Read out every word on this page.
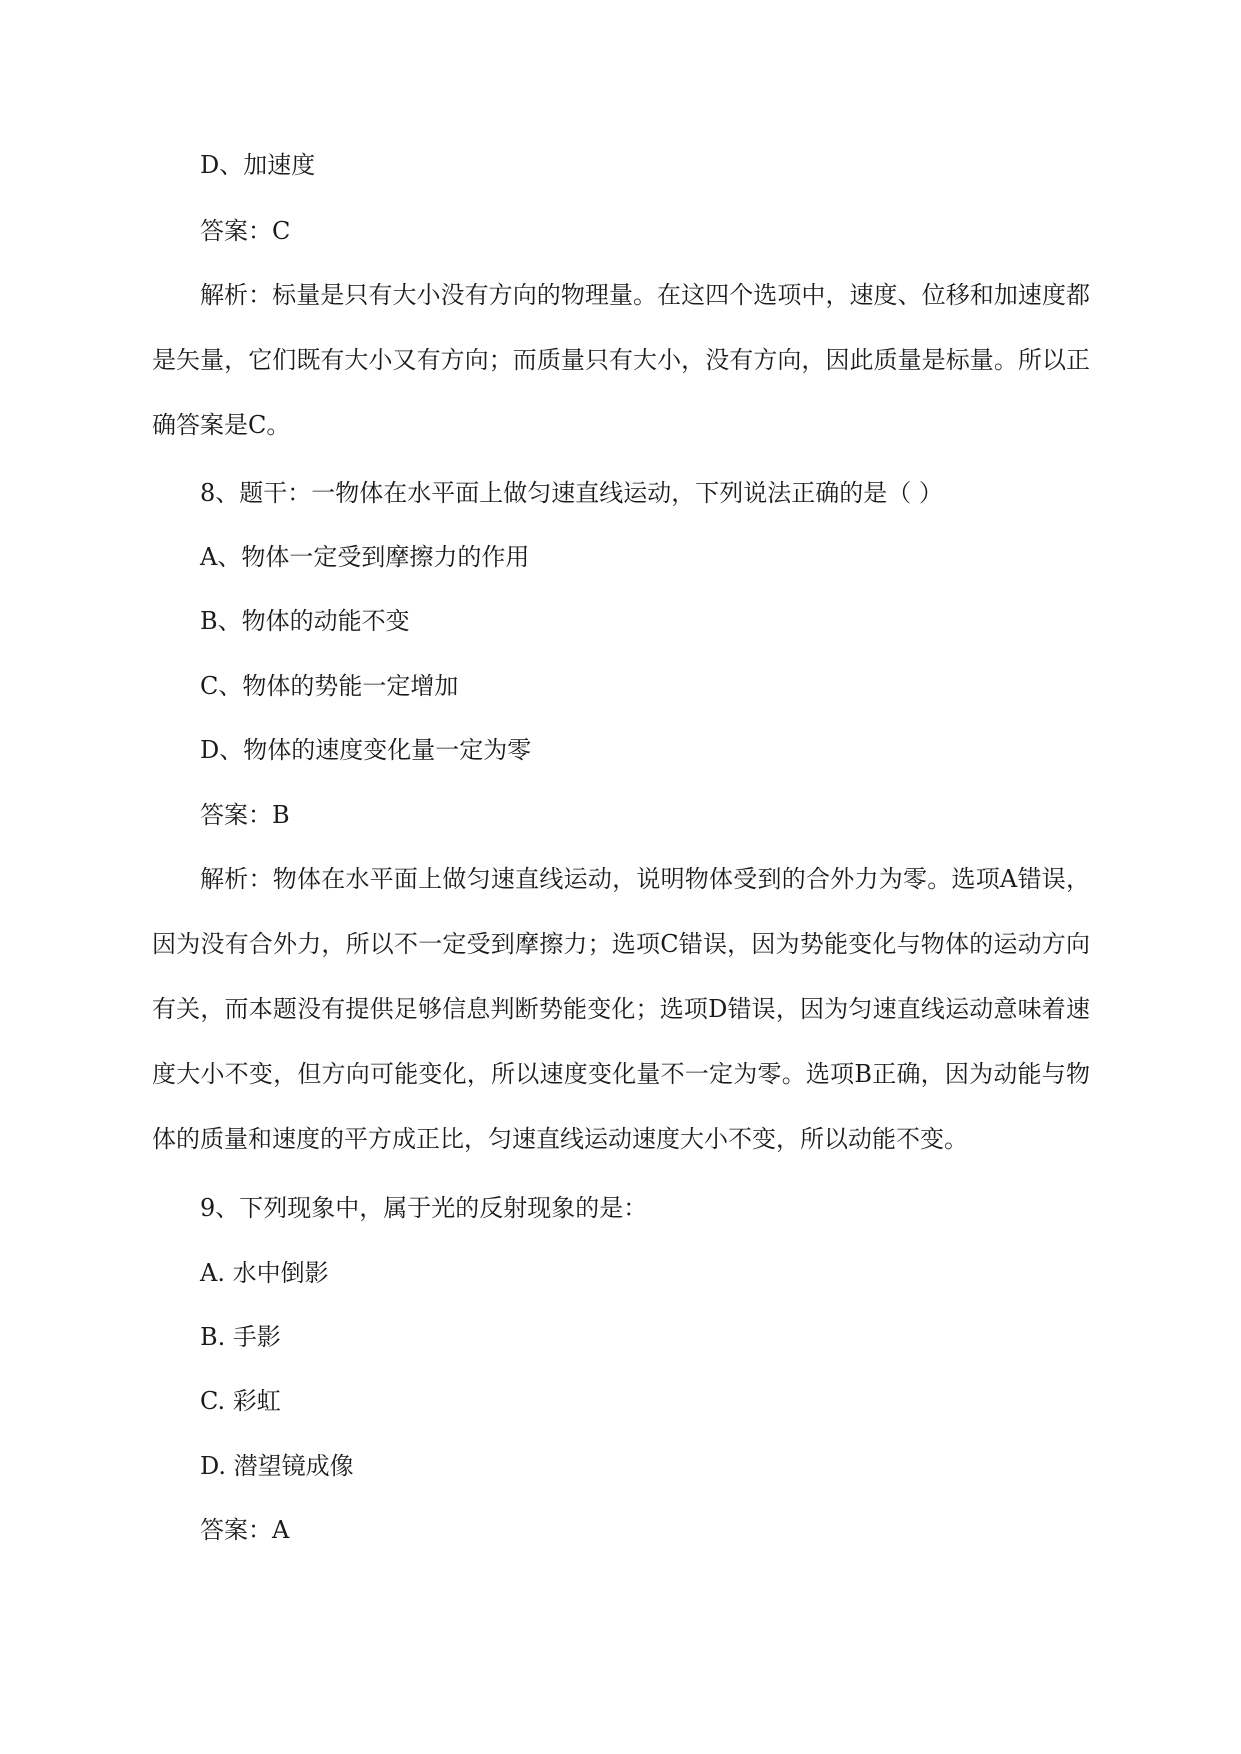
D、加速度
答案：C
解析：标量是只有大小没有方向的物理量。在这四个选项中，速度、位移和加速度都是矢量，它们既有大小又有方向；而质量只有大小，没有方向，因此质量是标量。所以正确答案是C。
8、题干：一物体在水平面上做匀速直线运动，下列说法正确的是（ ）
A、物体一定受到摩擦力的作用
B、物体的动能不变
C、物体的势能一定增加
D、物体的速度变化量一定为零
答案：B
解析：物体在水平面上做匀速直线运动，说明物体受到的合外力为零。选项A错误，因为没有合外力，所以不一定受到摩擦力；选项C错误，因为势能变化与物体的运动方向有关，而本题没有提供足够信息判断势能变化；选项D错误，因为匀速直线运动意味着速度大小不变，但方向可能变化，所以速度变化量不一定为零。选项B正确，因为动能与物体的质量和速度的平方成正比，匀速直线运动速度大小不变，所以动能不变。
9、下列现象中，属于光的反射现象的是：
A. 水中倒影
B. 手影
C. 彩虹
D. 潜望镜成像
答案：A
